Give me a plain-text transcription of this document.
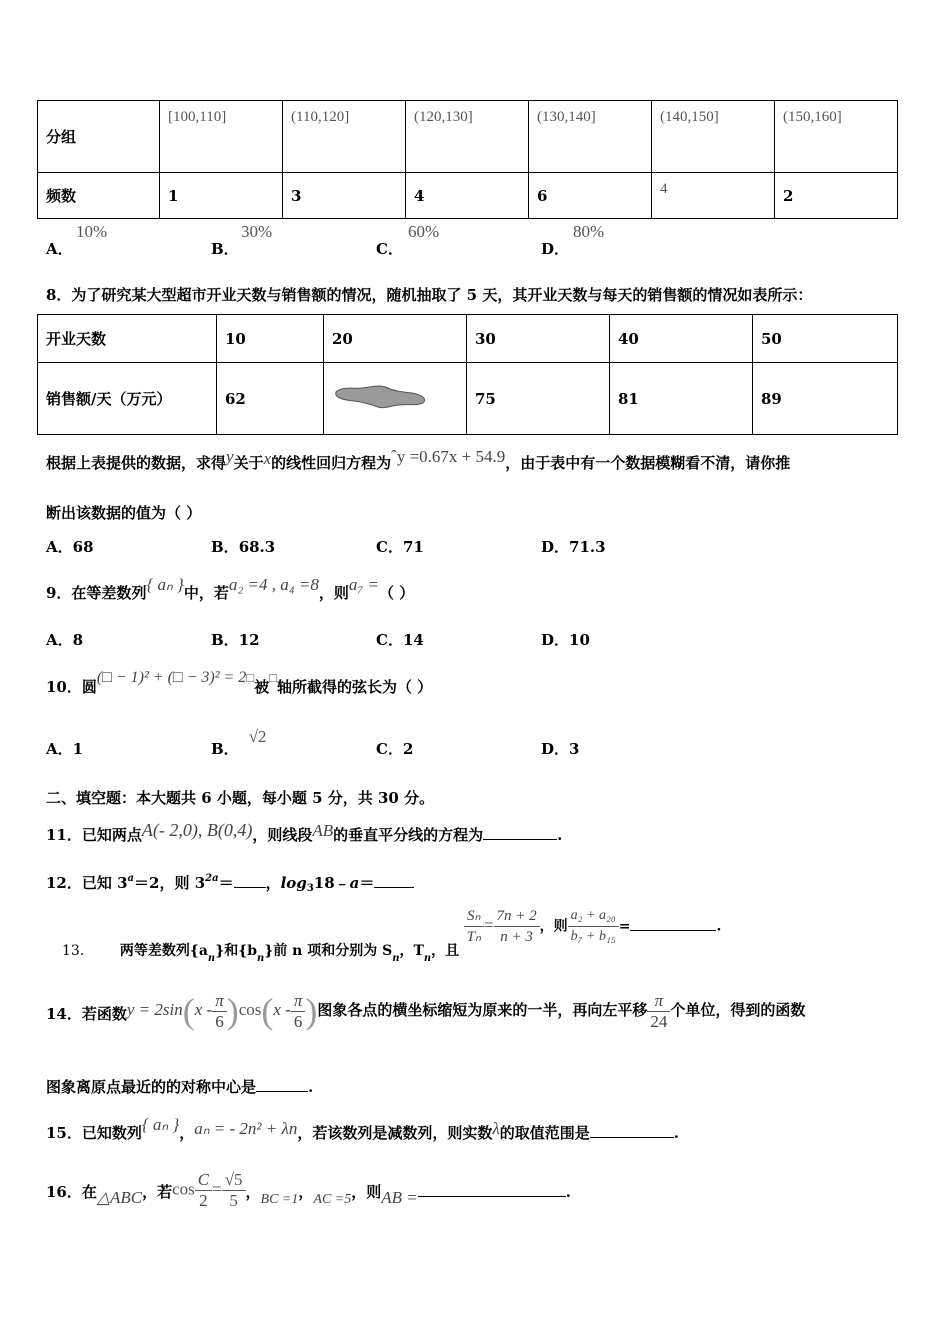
分组	[100,110]	(110,120]	(120,130]	(130,140]	(140,150]	(150,160]
频数	1	3	4	6	4	2
A．
10%
B．
30%
C．
60%
D．
80%
8．为了研究某大型超市开业天数与销售额的情况，随机抽取了 5 天，其开业天数与每天的销售额的情况如表所示：
开业天数	10	20	30	40	50
销售额/天（万元）	62		75	81	89
根据上表提供的数据，求得y关于x的线性回归方程为ˆy =0.67x + 54.9，由于表中有一个数据模糊看不清，请你推
断出该数据的值为（ ）
A．68	B．68.3	C．71	D．71.3
9．在等差数列{ aₙ }中，若a₂ =4 , a₄ =8，则a₇ =（ ）
A．8	B．12	C．14	D．10
10．圆(□ − 1)² + (□ − 3)² = 2□被□轴所截得的弦长为（ ）
A．1	B．√2
C．2	D．3
二、填空题：本大题共 6 小题，每小题 5 分，共 30 分。
11．已知两点A(- 2,0), B(0,4)，则线段AB的垂直平分线的方程为	.
12．已知 $3^a=2$，则 $3^{2a}=$ ，$\log_318﹣a=$
13． 两等差数列$\{a_n\}$和$\{b_n\}$前 n 项和分别为 $S_n$，$T_n$，且
$\frac{\text{Sₙ}}{\text{Tₙ}} = \frac{7n + 2}{n + 3}$ ，则 $\frac{\text{a₂ + a₂₀}}{\text{b₇ + b₁₅}}$ =	.
14．若函数$y = 2\sin(x - \frac{\pi}{6} )\cos(x - \frac{\pi}{6}$ )图象各点的横坐标缩短为原来的一半，再向左平移 $\frac{\pi}{24}$ 个单位，得到的函数
图象离原点最近的的对称中心是	.
15．已知数列{ aₙ }，aₙ = - 2n² + λn，若该数列是减数列，则实数λ的取值范围是	.
16．在△ABC，若$\cos \frac{C}{2} = \frac{√5}{5}$ ，BC =1，AC =5，则AB =	.
